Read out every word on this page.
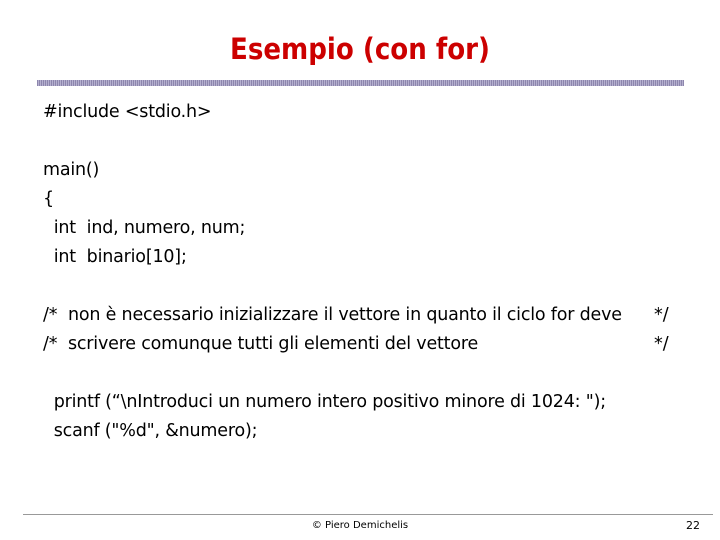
Esempio (con for)
#include <stdio.h>
main()
{
int  ind, numero, num;
int  binario[10];
/*  non è necessario inizializzare il vettore in quanto il ciclo for deve */
/*  scrivere comunque tutti gli elementi del vettore	*/
printf (“\nIntroduci un numero intero positivo minore di 1024: ");
scanf ("%d", &numero);
© Piero Demichelis	22
